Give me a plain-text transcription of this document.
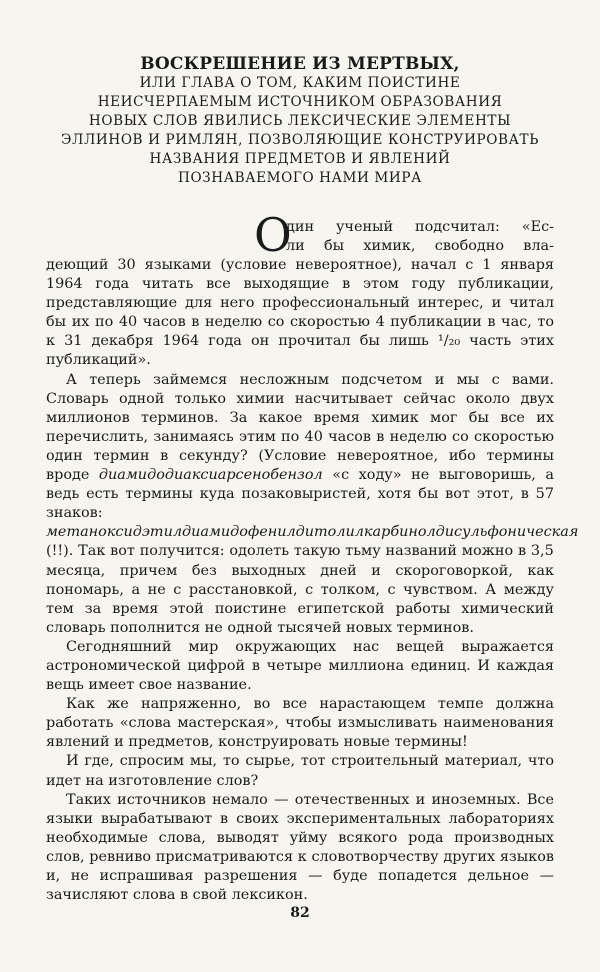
ВОСКРЕШЕНИЕ ИЗ МЕРТВЫХ,
ИЛИ ГЛАВА О ТОМ, КАКИМ ПОИСТИНЕ
НЕИСЧЕРПАЕМЫМ ИСТОЧНИКОМ ОБРАЗОВАНИЯ
НОВЫХ СЛОВ ЯВИЛИСЬ ЛЕКСИЧЕСКИЕ ЭЛЕМЕНТЫ
ЭЛЛИНОВ И РИМЛЯН, ПОЗВОЛЯЮЩИЕ КОНСТРУИРОВАТЬ
НАЗВАНИЯ ПРЕДМЕТОВ И ЯВЛЕНИЙ
ПОЗНАВАЕМОГО НАМИ МИРА
О
дин ученый подсчитал: «Ес-
ли бы химик, свободно вла-

деющий 30 языками (условие невероятное), начал с 1 января 1964 года читать все выходящие в этом году публикации, представляющие для него профессиональный интерес, и читал бы их по 40 часов в неделю со скоростью 4 публикации в час, то к 31 декабря 1964 года он прочитал бы лишь ¹/₂₀ часть этих публикаций».

А теперь займемся несложным подсчетом и мы с вами. Словарь одной только химии насчитывает сейчас около двух миллионов терминов. За какое время химик мог бы все их перечислить, занимаясь этим по 40 часов в неделю со скоростью один термин в секунду? (Условие невероятное, ибо термины вроде диамидодиаксиарсенобензол «с ходу» не выговоришь, а ведь есть термины куда позаковыристей, хотя бы вот этот, в 57 знаков: метаноксидэтилдиамидофенилдитолилкарбинолдисульфоническая (!!). Так вот получится: одолеть такую тьму названий можно в 3,5 месяца, причем без выходных дней и скороговоркой, как пономарь, а не с расстановкой, с толком, с чувством. А между тем за время этой поистине египетской работы химический словарь пополнится не одной тысячей новых терминов.

Сегодняшний мир окружающих нас вещей выражается астрономической цифрой в четыре миллиона единиц. И каждая вещь имеет свое название.

Как же напряженно, во все нарастающем темпе должна работать «слова мастерская», чтобы измысливать наименования явлений и предметов, конструировать новые термины!

И где, спросим мы, то сырье, тот строительный материал, что идет на изготовление слов?

Таких источников немало — отечественных и иноземных. Все языки вырабатывают в своих экспериментальных лабораториях необходимые слова, выводят уйму всякого рода производных слов, ревниво присматриваются к словотворчеству других языков и, не испрашивая разрешения — буде попадется дельное — зачисляют слова в свой лексикон.

82
